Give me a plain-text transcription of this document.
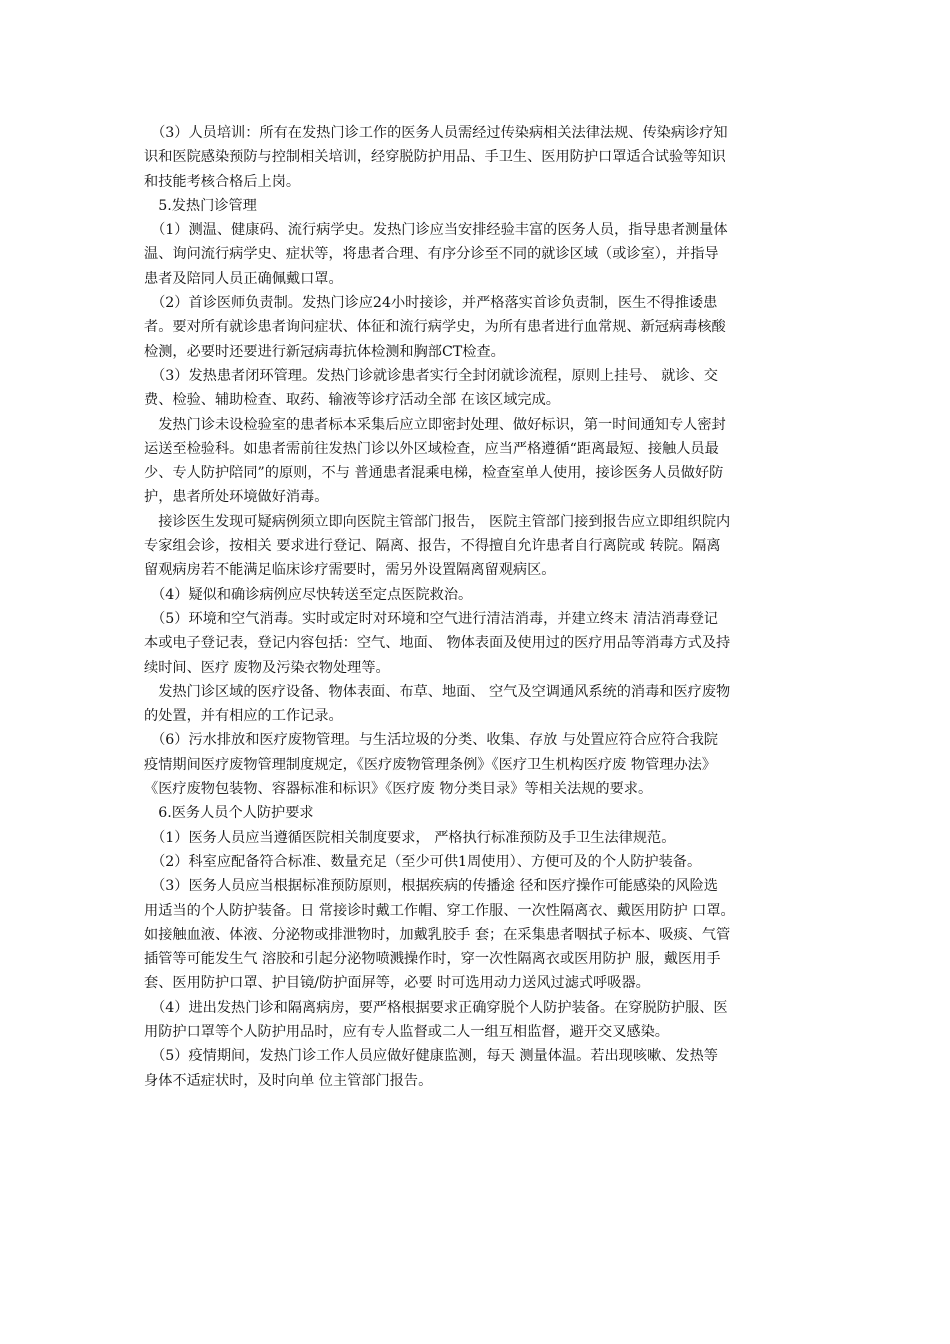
　（3）人员培训：所有在发热门诊工作的医务人员需经过传染病相关法律法规、传染病诊疗知
识和医院感染预防与控制相关培训，经穿脱防护用品、手卫生、医用防护口罩适合试验等知识
和技能考核合格后上岗。
　5.发热门诊管理
　（1）测温、健康码、流行病学史。发热门诊应当安排经验丰富的医务人员，指导患者测量体
温、询问流行病学史、症状等，将患者合理、有序分诊至不同的就诊区域（或诊室），并指导
患者及陪同人员正确佩戴口罩。
　（2）首诊医师负责制。发热门诊应24小时接诊，并严格落实首诊负责制，医生不得推诿患
者。要对所有就诊患者询问症状、体征和流行病学史，为所有患者进行血常规、新冠病毒核酸
检测，必要时还要进行新冠病毒抗体检测和胸部CT检查。
　（3）发热患者闭环管理。发热门诊就诊患者实行全封闭就诊流程，原则上挂号、 就诊、交
费、检验、辅助检查、取药、输液等诊疗活动全部 在该区域完成。
　发热门诊未设检验室的患者标本采集后应立即密封处理、做好标识，第一时间通知专人密封
运送至检验科。如患者需前往发热门诊以外区域检查，应当严格遵循“距离最短、接触人员最
少、专人防护陪同”的原则，不与 普通患者混乘电梯，检查室单人使用，接诊医务人员做好防
护，患者所处环境做好消毒。
　接诊医生发现可疑病例须立即向医院主管部门报告， 医院主管部门接到报告应立即组织院内
专家组会诊，按相关 要求进行登记、隔离、报告，不得擅自允许患者自行离院或 转院。隔离
留观病房若不能满足临床诊疗需要时，需另外设置隔离留观病区。
　（4）疑似和确诊病例应尽快转送至定点医院救治。
　（5）环境和空气消毒。实时或定时对环境和空气进行清洁消毒，并建立终末 清洁消毒登记
本或电子登记表，登记内容包括：空气、地面、 物体表面及使用过的医疗用品等消毒方式及持
续时间、医疗 废物及污染衣物处理等。
　发热门诊区域的医疗设备、物体表面、布草、地面、 空气及空调通风系统的消毒和医疗废物
的处置，并有相应的工作记录。
　（6）污水排放和医疗废物管理。与生活垃圾的分类、收集、存放 与处置应符合应符合我院
疫情期间医疗废物管理制度规定，《医疗废物管理条例》《医疗卫生机构医疗废 物管理办法》
《医疗废物包装物、容器标准和标识》《医疗废 物分类目录》等相关法规的要求。
　6.医务人员个人防护要求
　（1）医务人员应当遵循医院相关制度要求， 严格执行标准预防及手卫生法律规范。
　（2）科室应配备符合标准、数量充足（至少可供1周使用）、方便可及的个人防护装备。
　（3）医务人员应当根据标准预防原则，根据疾病的传播途 径和医疗操作可能感染的风险选
用适当的个人防护装备。日 常接诊时戴工作帽、穿工作服、一次性隔离衣、戴医用防护 口罩。
如接触血液、体液、分泌物或排泄物时，加戴乳胶手 套；在采集患者咽拭子标本、吸痰、气管
插管等可能发生气 溶胶和引起分泌物喷溅操作时，穿一次性隔离衣或医用防护 服，戴医用手
套、医用防护口罩、护目镜/防护面屏等，必要 时可选用动力送风过滤式呼吸器。
　（4）进出发热门诊和隔离病房，要严格根据要求正确穿脱个人防护装备。在穿脱防护服、医
用防护口罩等个人防护用品时，应有专人监督或二人一组互相监督，避开交叉感染。
　（5）疫情期间，发热门诊工作人员应做好健康监测，每天 测量体温。若出现咳嗽、发热等
身体不适症状时，及时向单 位主管部门报告。
